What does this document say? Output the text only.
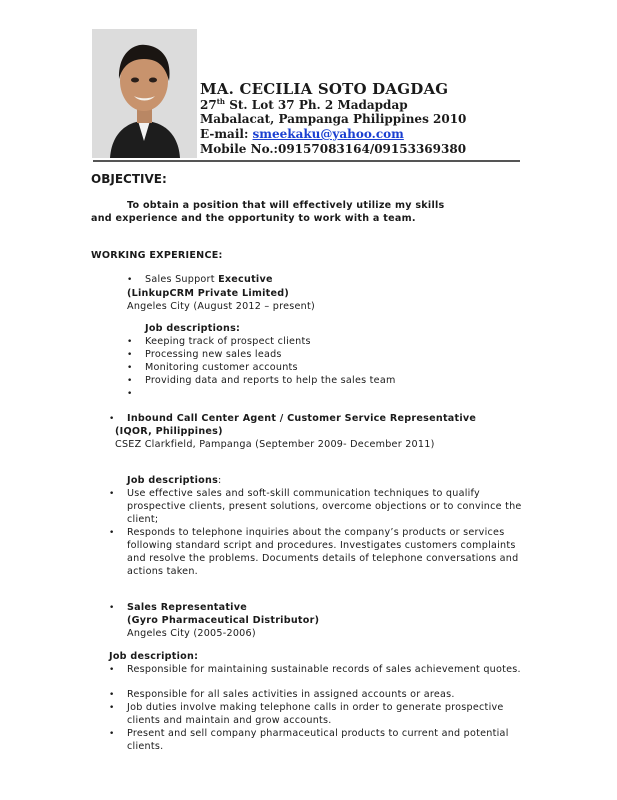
MA. CECILIA SOTO DAGDAG
27th St. Lot 37 Ph. 2 Madapdap
Mabalacat, Pampanga Philippines 2010
E-mail: smeekaku@yahoo.com
Mobile No.:09157083164/09153369380
OBJECTIVE:
To obtain a position that will effectively utilize my skills
and experience and the opportunity to work with a team.
WORKING EXPERIENCE:
• Sales Support Executive
(LinkupCRM Private Limited)
Angeles City (August 2012 – present)
Job descriptions:
• Keeping track of prospect clients
• Processing new sales leads
• Monitoring customer accounts
• Providing data and reports to help the sales team
•
• Inbound Call Center Agent / Customer Service Representative
(IQOR, Philippines)
CSEZ Clarkfield, Pampanga (September 2009- December 2011)
Job descriptions:
• Use effective sales and soft-skill communication techniques to qualify
prospective clients, present solutions, overcome objections or to convince the
client;
• Responds to telephone inquiries about the company’s products or services
following standard script and procedures. Investigates customers complaints
and resolve the problems. Documents details of telephone conversations and
actions taken.
• Sales Representative
(Gyro Pharmaceutical Distributor)
Angeles City (2005-2006)
Job description:
• Responsible for maintaining sustainable records of sales achievement quotes.
• Responsible for all sales activities in assigned accounts or areas.
• Job duties involve making telephone calls in order to generate prospective
clients and maintain and grow accounts.
• Present and sell company pharmaceutical products to current and potential
clients.
